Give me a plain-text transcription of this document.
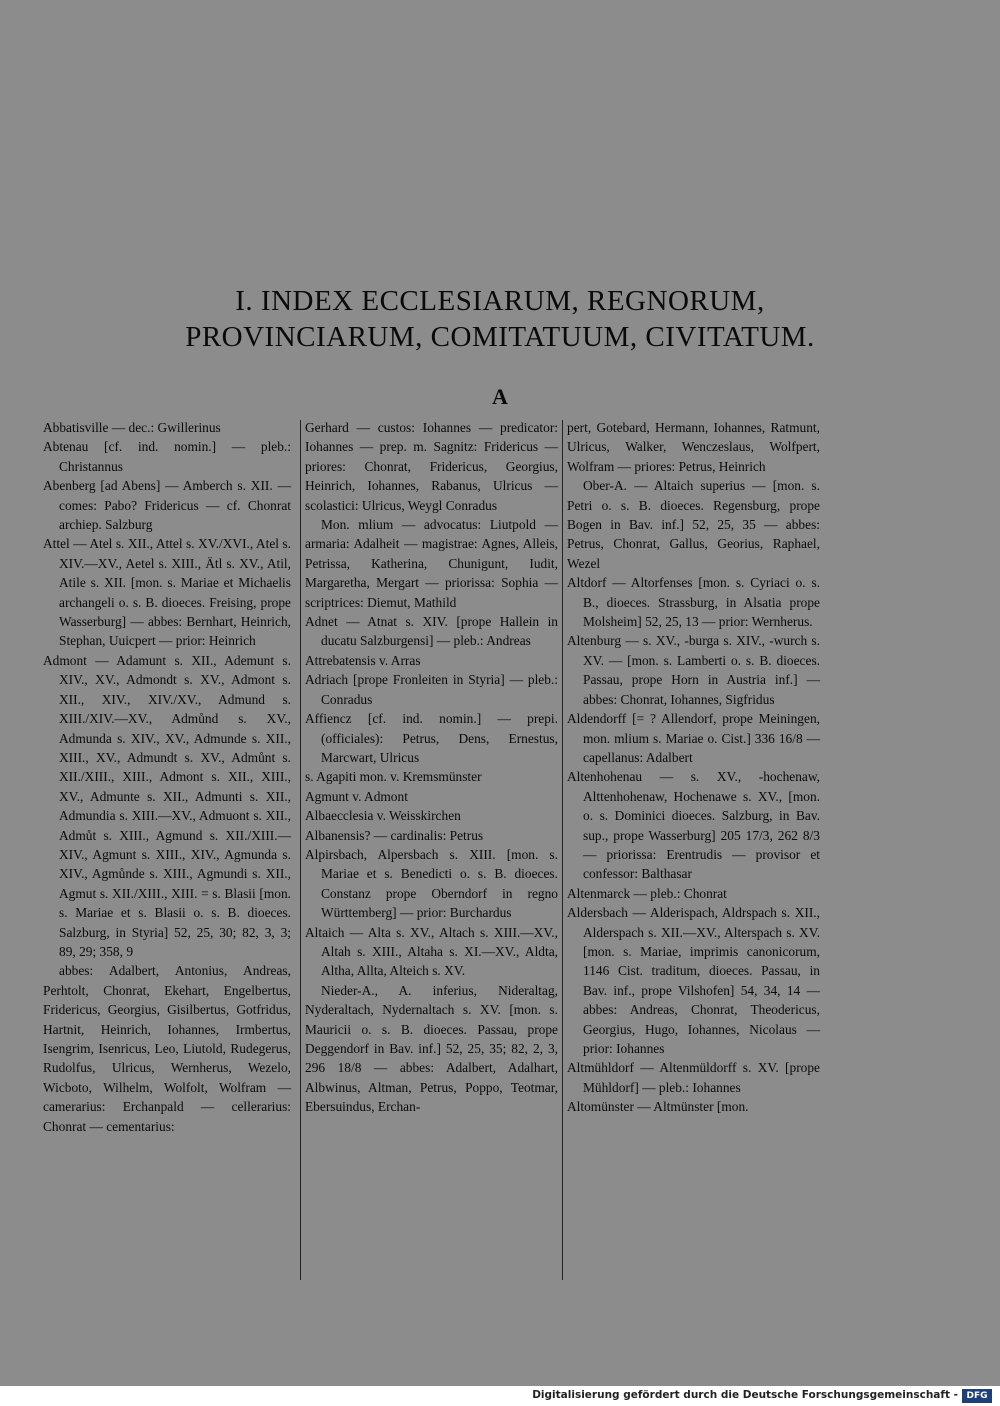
I. INDEX ECCLESIARUM, REGNORUM,
PROVINCIARUM, COMITATUUM, CIVITATUM.
A

Abbatisville — dec.: Gwillerinus

Abtenau [cf. ind. nomin.] — pleb.: Christannus

Abenberg [ad Abens] — Amberch s. XII. — comes: Pabo? Fridericus — cf. Chonrat archiep. Salzburg

Attel — Atel s. XII., Attel s. XV./XVI., Atel s. XIV.—XV., Aetel s. XIII., Ätl s. XV., Atil, Atile s. XII. [mon. s. Mariae et Michaelis archangeli o. s. B. dioeces. Freising, prope Wasserburg] — abbes: Bernhart, Heinrich, Stephan, Uuicpert — prior: Heinrich

Admont — Adamunt s. XII., Ademunt s. XIV., XV., Admondt s. XV., Admont s. XII., XIV., XIV./XV., Admund s. XIII./XIV.—XV., Admůnd s. XV., Admunda s. XIV., XV., Admunde s. XII., XIII., XV., Admundt s. XV., Admůnt s. XII./XIII., XIII., Admont s. XII., XIII., XV., Admunte s. XII., Admunti s. XII., Admundia s. XIII.—XV., Admuont s. XII., Admůt s. XIII., Agmund s. XII./XIII.—XIV., Agmunt s. XIII., XIV., Agmunda s. XIV., Agmůnde s. XIII., Agmundi s. XII., Agmut s. XII./XIII., XIII. = s. Blasii [mon. s. Mariae et s. Blasii o. s. B. dioeces. Salzburg, in Styria] 52, 25, 30; 82, 3, 3; 89, 29; 358, 9

abbes: Adalbert, Antonius, Andreas, Perhtolt, Chonrat, Ekehart, Engelbertus, Fridericus, Georgius, Gisilbertus, Gotfridus, Hartnit, Heinrich, Iohannes, Irmbertus, Isengrim, Isenricus, Leo, Liutold, Rudegerus, Rudolfus, Ulricus, Wernherus, Wezelo, Wicboto, Wilhelm, Wolfolt, Wolfram — camerarius: Erchanpald — cellerarius: Chonrat — cementarius:

Gerhard — custos: Iohannes — predicator: Iohannes — prep. m. Sagnitz: Fridericus — priores: Chonrat, Fridericus, Georgius, Heinrich, Iohannes, Rabanus, Ulricus — scolastici: Ulricus, Weygl Conradus

Mon. mlium — advocatus: Liutpold — armaria: Adalheit — magistrae: Agnes, Alleis, Petrissa, Katherina, Chunigunt, Iudit, Margaretha, Mergart — priorissa: Sophia — scriptrices: Diemut, Mathild

Adnet — Atnat s. XIV. [prope Hallein in ducatu Salzburgensi] — pleb.: Andreas

Attrebatensis v. Arras

Adriach [prope Fronleiten in Styria] — pleb.: Conradus

Affiencz [cf. ind. nomin.] — prepi. (officiales): Petrus, Dens, Ernestus, Marcwart, Ulricus

s. Agapiti mon. v. Kremsmünster

Agmunt v. Admont

Albaecclesia v. Weisskirchen

Albanensis? — cardinalis: Petrus

Alpirsbach, Alpersbach s. XIII. [mon. s. Mariae et s. Benedicti o. s. B. dioeces. Constanz prope Oberndorf in regno Württemberg] — prior: Burchardus

Altaich — Alta s. XV., Altach s. XIII.—XV., Altah s. XIII., Altaha s. XI.—XV., Aldta, Altha, Allta, Alteich s. XV.

Nieder-A., A. inferius, Nideraltag, Nyderaltach, Nydernaltach s. XV. [mon. s. Mauricii o. s. B. dioeces. Passau, prope Deggendorf in Bav. inf.] 52, 25, 35; 82, 2, 3, 296 18/8 — abbes: Adalbert, Adalhart, Albwinus, Altman, Petrus, Poppo, Teotmar, Ebersuindus, Erchan-

pert, Gotebard, Hermann, Iohannes, Ratmunt, Ulricus, Walker, Wenczeslaus, Wolfpert, Wolfram — priores: Petrus, Heinrich

Ober-A. — Altaich superius — [mon. s. Petri o. s. B. dioeces. Regensburg, prope Bogen in Bav. inf.] 52, 25, 35 — abbes: Petrus, Chonrat, Gallus, Georius, Raphael, Wezel

Altdorf — Altorfenses [mon. s. Cyriaci o. s. B., dioeces. Strassburg, in Alsatia prope Molsheim] 52, 25, 13 — prior: Wernherus.

Altenburg — s. XV., -burga s. XIV., -wurch s. XV. — [mon. s. Lamberti o. s. B. dioeces. Passau, prope Horn in Austria inf.] — abbes: Chonrat, Iohannes, Sigfridus

Aldendorff [= ? Allendorf, prope Meiningen, mon. mlium s. Mariae o. Cist.] 336 16/8 — capellanus: Adalbert

Altenhohenau — s. XV., -hochenaw, Alttenhohenaw, Hochenawe s. XV., [mon. o. s. Dominici dioeces. Salzburg, in Bav. sup., prope Wasserburg] 205 17/3, 262 8/3 — priorissa: Erentrudis — provisor et confessor: Balthasar

Altenmarck — pleb.: Chonrat

Aldersbach — Alderispach, Aldrspach s. XII., Alderspach s. XII.—XV., Alterspach s. XV. [mon. s. Mariae, imprimis canonicorum, 1146 Cist. traditum, dioeces. Passau, in Bav. inf., prope Vilshofen] 54, 34, 14 — abbes: Andreas, Chonrat, Theodericus, Georgius, Hugo, Iohannes, Nicolaus — prior: Iohannes

Altmühldorf — Altenmüldorff s. XV. [prope Mühldorf] — pleb.: Iohannes

Altomünster — Altmünster [mon.

Digitalisierung gefördert durch die Deutsche Forschungsgemeinschaft - DFG
